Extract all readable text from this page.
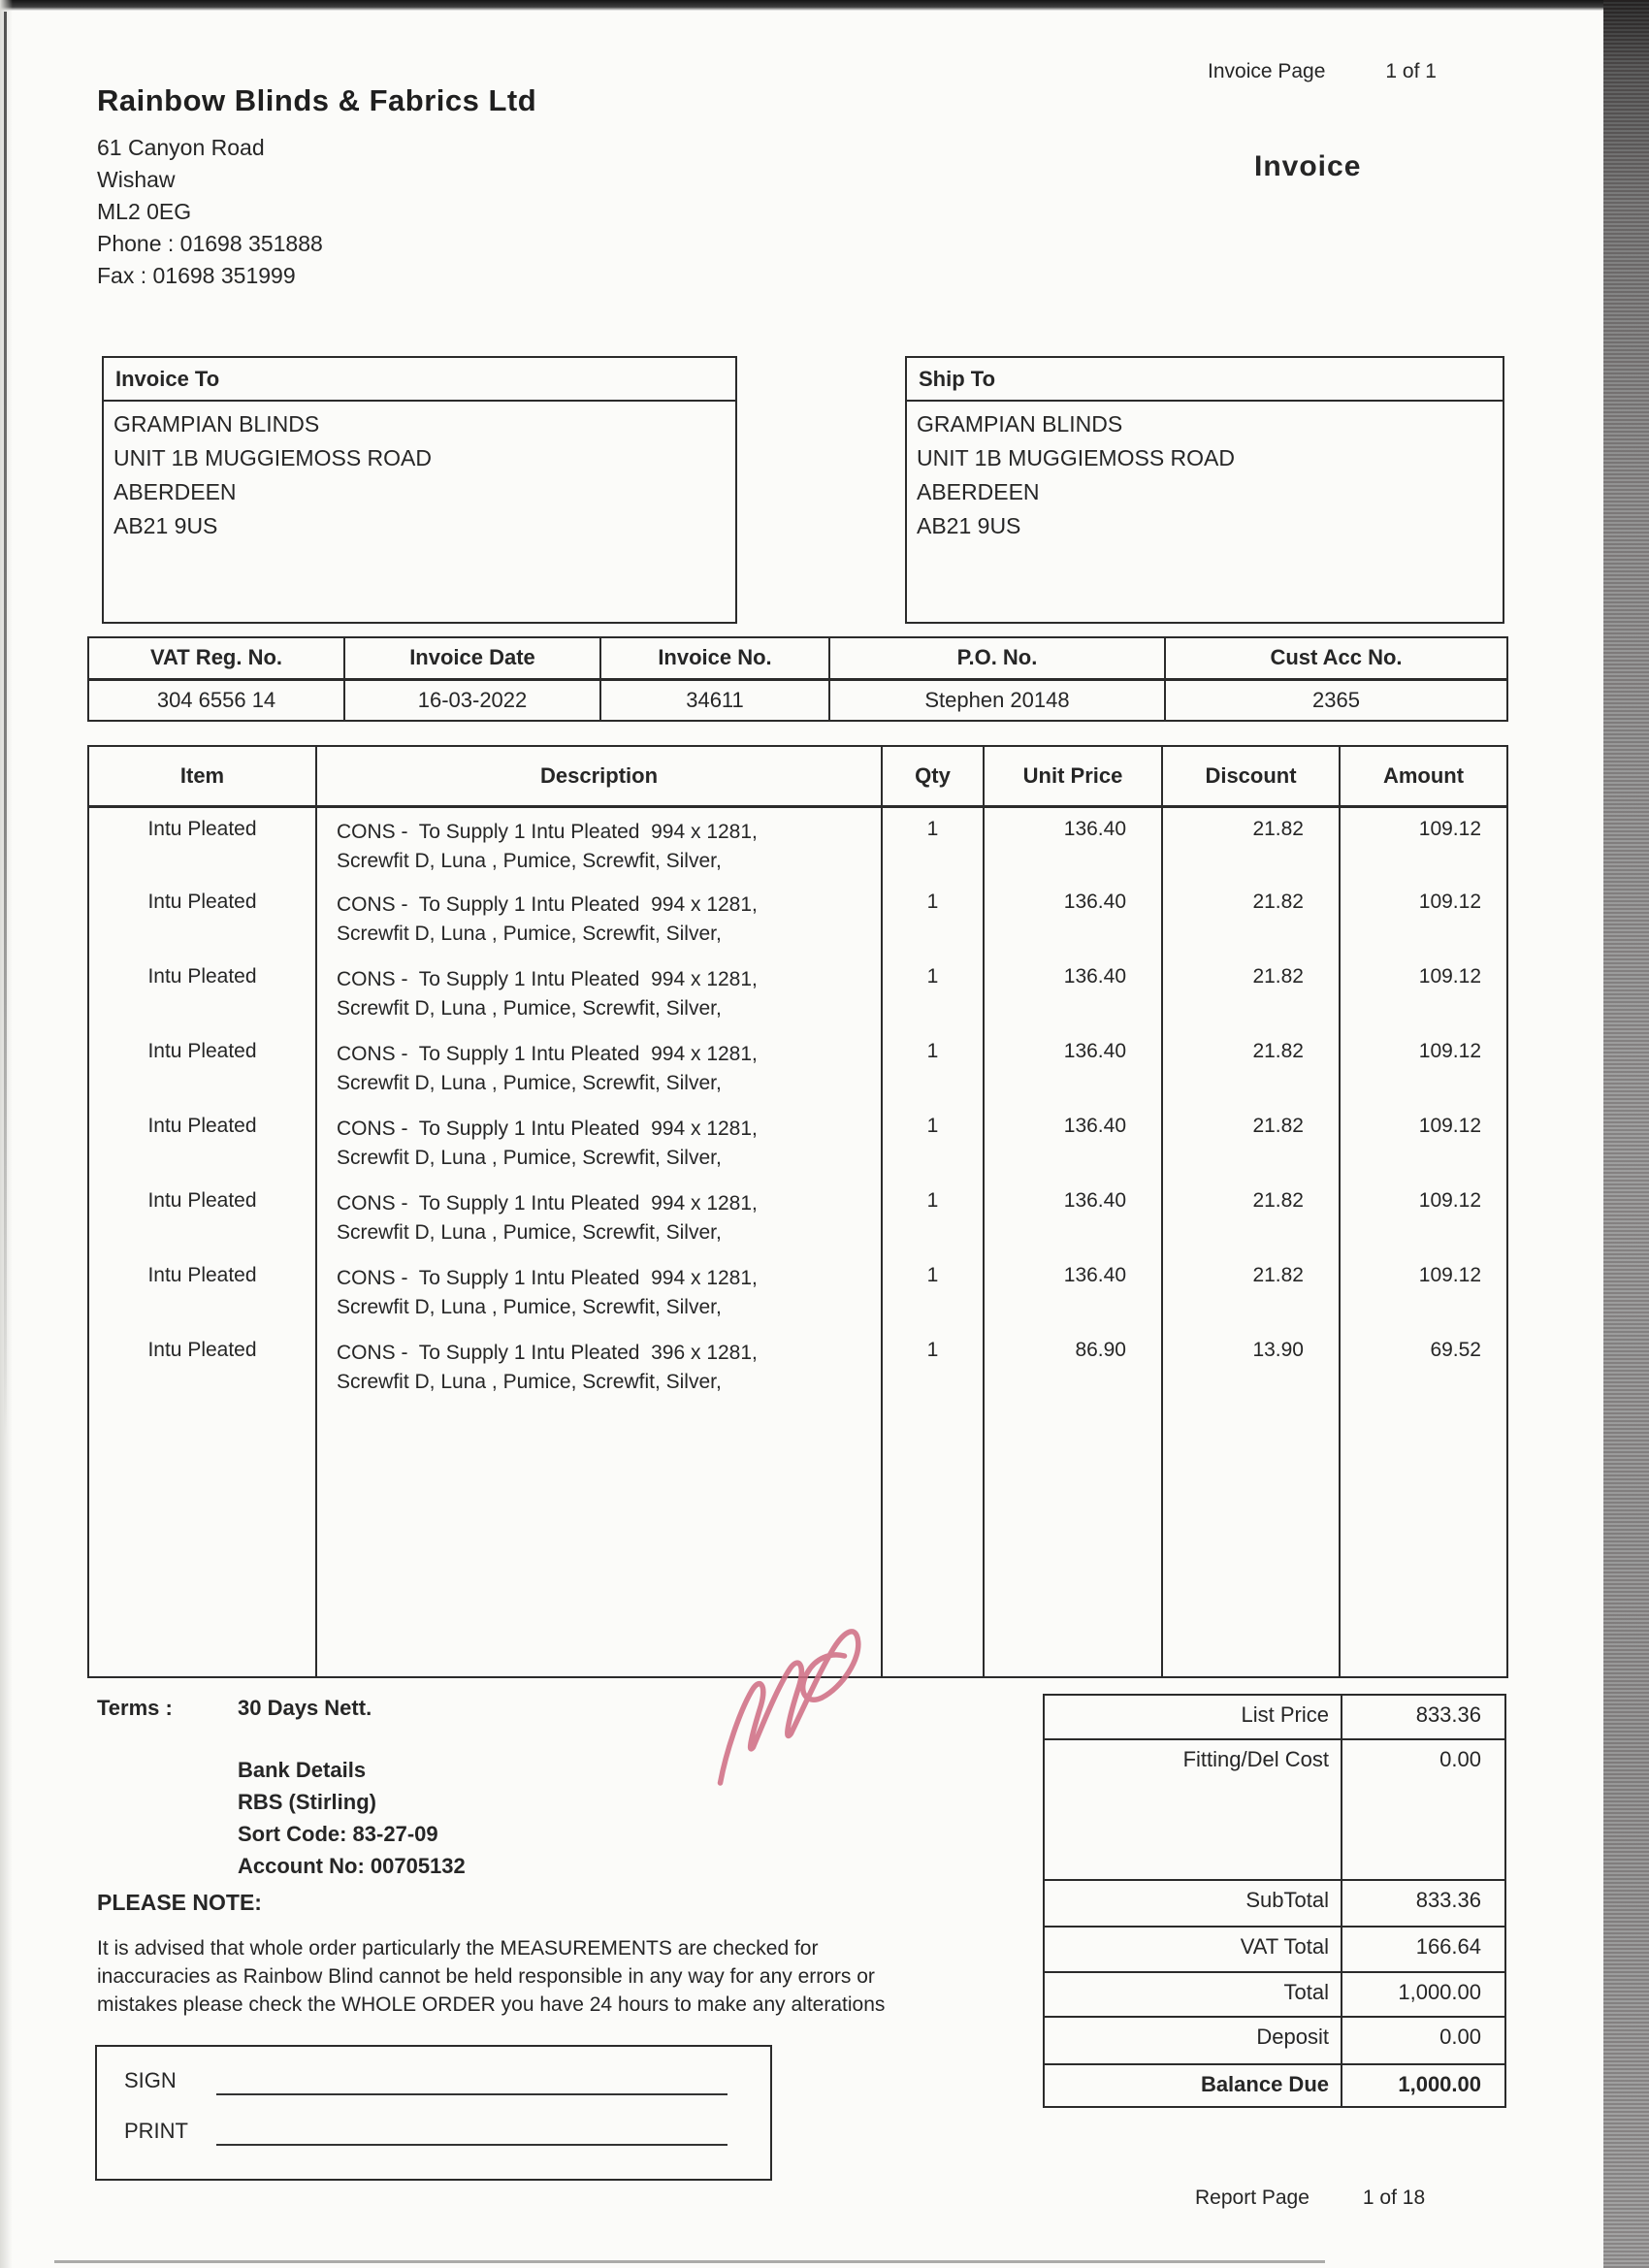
Rainbow Blinds & Fabrics Ltd
61 Canyon Road
Wishaw
ML2 0EG
Phone : 01698 351888
Fax : 01698 351999
Invoice Page	1 of 1
Invoice
Invoice To
GRAMPIAN BLINDS
UNIT 1B MUGGIEMOSS ROAD
ABERDEEN
AB21 9US
Ship To
GRAMPIAN BLINDS
UNIT 1B MUGGIEMOSS ROAD
ABERDEEN
AB21 9US
VAT Reg. No.	Invoice Date	Invoice No.	P.O. No.	Cust Acc No.
304 6556 14	16-03-2022	34611	Stephen 20148	2365
Item	Description	Qty	Unit Price	Discount	Amount
Intu Pleated	CONS -  To Supply 1 Intu Pleated  994 x 1281,
Screwfit D, Luna , Pumice, Screwfit, Silver,	1	136.40	21.82	109.12
Intu Pleated	CONS -  To Supply 1 Intu Pleated  994 x 1281,
Screwfit D, Luna , Pumice, Screwfit, Silver,	1	136.40	21.82	109.12
Intu Pleated	CONS -  To Supply 1 Intu Pleated  994 x 1281,
Screwfit D, Luna , Pumice, Screwfit, Silver,	1	136.40	21.82	109.12
Intu Pleated	CONS -  To Supply 1 Intu Pleated  994 x 1281,
Screwfit D, Luna , Pumice, Screwfit, Silver,	1	136.40	21.82	109.12
Intu Pleated	CONS -  To Supply 1 Intu Pleated  994 x 1281,
Screwfit D, Luna , Pumice, Screwfit, Silver,	1	136.40	21.82	109.12
Intu Pleated	CONS -  To Supply 1 Intu Pleated  994 x 1281,
Screwfit D, Luna , Pumice, Screwfit, Silver,	1	136.40	21.82	109.12
Intu Pleated	CONS -  To Supply 1 Intu Pleated  994 x 1281,
Screwfit D, Luna , Pumice, Screwfit, Silver,	1	136.40	21.82	109.12
Intu Pleated	CONS -  To Supply 1 Intu Pleated  396 x 1281,
Screwfit D, Luna , Pumice, Screwfit, Silver,	1	86.90	13.90	69.52

List Price	833.36
Fitting/Del Cost	0.00
SubTotal	833.36
VAT Total	166.64
Total	1,000.00
Deposit	0.00
Balance Due	1,000.00
Terms :	30 Days Nett.
Bank Details
RBS (Stirling)
Sort Code: 83-27-09
Account No: 00705132
PLEASE NOTE:
It is advised that whole order particularly the MEASUREMENTS are checked for
inaccuracies as Rainbow Blind cannot be held responsible in any way for any errors or
mistakes please check the WHOLE ORDER you have 24 hours to make any alterations
SIGN
PRINT
Report Page	1 of 18
